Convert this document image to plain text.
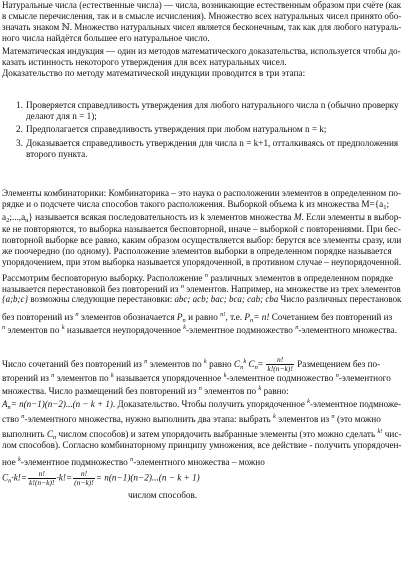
Натуральные числа (естественные числа) — числа, возникающие естественным образом при счёте (как
в смысле перечисления, так и в смысле исчисления). Множество всех натуральных чисел принято обо-
значать знаком ℕ. Множество натуральных чисел является бесконечным, так как для любого натураль-
ного числа найдётся большее его натуральное число.
Математическая индукция — один из методов математического доказательства, используется чтобы до-
казать истинность некоторого утверждения для всех натуральных чисел.
Доказательство по методу математической индукции проводится в три этапа:
1. Проверяется справедливость утверждения для любого натурального числа n (обычно проверку
делают для n = 1);
2. Предполагается справедливость утверждения при любом натуральном n = k;
3. Доказывается справедливость утверждения для числа n = k+1, отталкиваясь от предположения
второго пункта.
Элементы комбинаторики: Комбинаторика – это наука о расположении элементов в определенном по-
рядке и о подсчете числа способов такого расположения. Выборкой объема k из множества $M=\{a_1$;
$a_2;...,a_n$} называется всякая последовательность из k элементов множества M. Если элементы в выбор-
ке не повторяются, то выборка называется бесповторной, иначе – выборкой с повторениями. При бес-
повторной выборке все равно, каким образом осуществляется выбор: берутся все элементы сразу, или
же поочередно (по одному). Расположение элементов выборки в определенном порядке называется
упорядочением, при этом выборка называется упорядоченной, в противном случае – неупорядоченной.
Рассмотрим бесповторную выборку. Расположение $^n$ различных элементов в определенном порядке
называется перестановкой без повторений из $^n$ элементов. Например, на множестве из трех элементов
{a;b;c} возможны следующие перестановки: abc; acb; bac; bca; cab; cba Число различных перестановок
без повторений из $^n$ элементов обозначается $P_n$ и равно $^{n!}$, т.е. $P_n= n$! Сочетанием без повторений из
$^n$ элементов по $^k$ называется неупорядоченное $^k$-элементное подмножество $^n$-элементного множества.
Число сочетаний без повторений из $^n$ элементов по $^k$ равно $C_n^k$ $C_n= \frac{n!}{k!(n-k)!}$ Размещением без по-
вторений из $^n$ элементов по $^k$ называется упорядоченное $^k$-элементное подмножество $^n$-элементного
множества. Число размещений без повторений из $^n$ элементов по $^k$ равно:
$A_n= n(n-1)(n-2)...(n - k + 1)$. Доказательство. Чтобы получить упорядоченное $^k$-элементное подмноже-
ство $^n$-элементного множества, нужно выполнить два этапа: выбрать $^k$ элементов из $^n$ (это можно
выполнить $C_n$ числом способов) и затем упорядочить выбранные элементы (это можно сделать $^{k!}$ чис-
лом способов). Согласно комбинаторному принципу умножения, все действие - получить упорядочен-
ное $^k$-элементное подмножество $^n$-элементного множества – можно
$C_n\cdot k!= \frac{n!}{k!(n-k)!} \cdot k!= \frac{n!}{(n-k)!} = n(n-1)(n-2)...(n - k + 1)$
числом способов.
